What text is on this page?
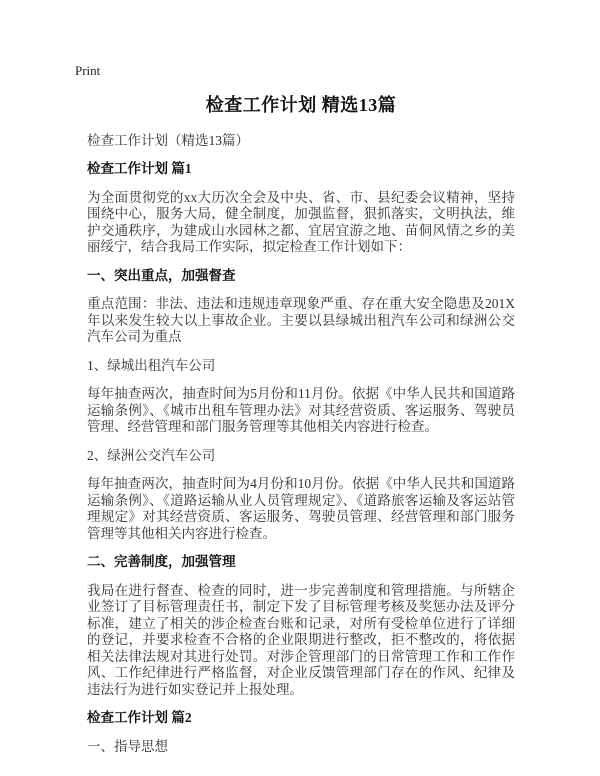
Print
检查工作计划 精选13篇
检查工作计划（精选13篇）
检查工作计划 篇1
为全面贯彻党的xx大历次全会及中央、省、市、县纪委会议精神，坚持围绕中心，服务大局，健全制度，加强监督，狠抓落实，文明执法，维护交通秩序，为建成山水园林之都、宜居宜游之地、苗侗风情之乡的美丽绥宁，结合我局工作实际，拟定检查工作计划如下：
一、突出重点，加强督查
重点范围：非法、违法和违规违章现象严重、存在重大安全隐患及201X年以来发生较大以上事故企业。主要以县绿城出租汽车公司和绿洲公交汽车公司为重点
1、绿城出租汽车公司
每年抽查两次，抽查时间为5月份和11月份。依据《中华人民共和国道路运输条例》、《城市出租车管理办法》对其经营资质、客运服务、驾驶员管理、经营管理和部门服务管理等其他相关内容进行检查。
2、绿洲公交汽车公司
每年抽查两次，抽查时间为4月份和10月份。依据《中华人民共和国道路运输条例》、《道路运输从业人员管理规定》、《道路旅客运输及客运站管理规定》对其经营资质、客运服务、驾驶员管理、经营管理和部门服务管理等其他相关内容进行检查。
二、完善制度，加强管理
我局在进行督查、检查的同时，进一步完善制度和管理措施。与所辖企业签订了目标管理责任书，制定下发了目标管理考核及奖惩办法及评分标准，建立了相关的涉企检查台账和记录，对所有受检单位进行了详细的登记，并要求检查不合格的企业限期进行整改，拒不整改的，将依据相关法律法规对其进行处罚。对涉企管理部门的日常管理工作和工作作风、工作纪律进行严格监督，对企业反馈管理部门存在的作风、纪律及违法行为进行如实登记并上报处理。
检查工作计划 篇2
一、指导思想
